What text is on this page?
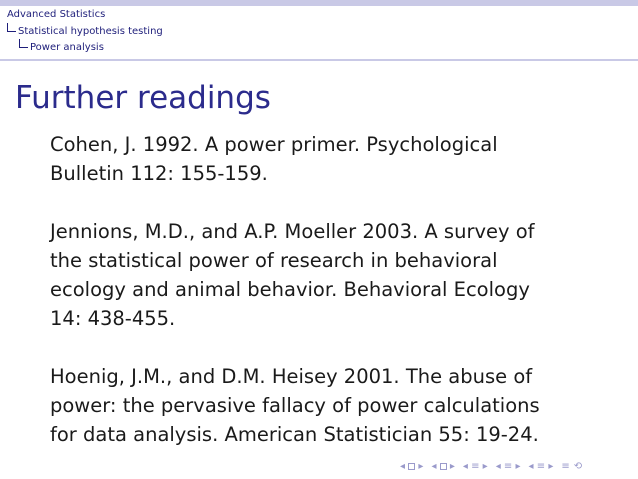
Advanced Statistics
Statistical hypothesis testing
Power analysis
Further readings

Cohen, J. 1992. A power primer. Psychological
Bulletin 112: 155-159.

Jennions, M.D., and A.P. Moeller 2003. A survey of
the statistical power of research in behavioral
ecology and animal behavior. Behavioral Ecology
14: 438-455.

Hoenig, J.M., and D.M. Heisey 2001. The abuse of
power: the pervasive fallacy of power calculations
for data analysis. American Statistician 55: 19-24.

◂ ▸ ◂ ▸ ◂ ≡ ▸ ◂ ≡ ▸ ◂ ≡ ▸ ≡ ⟲
